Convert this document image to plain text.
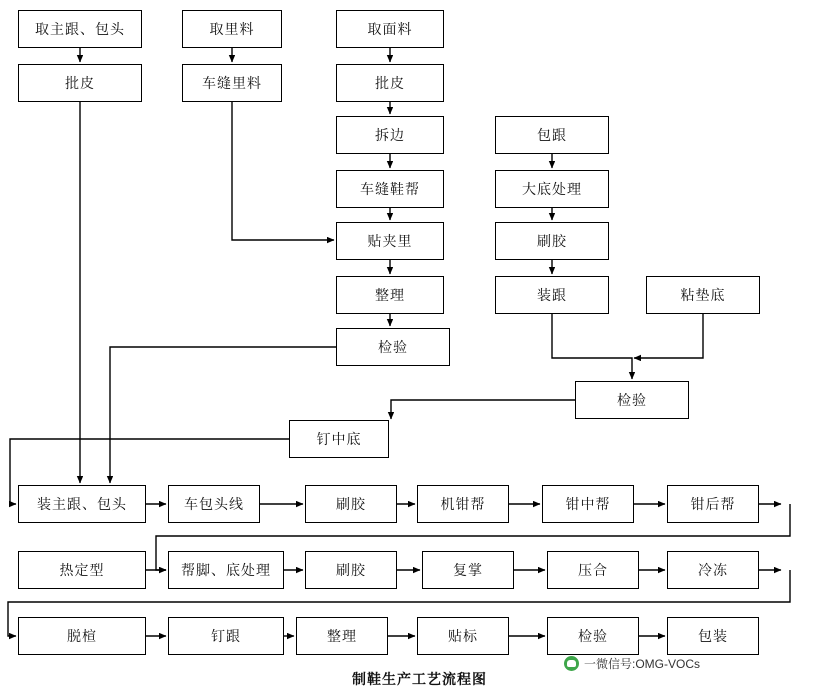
取主跟、包头	取里料	取面料
批皮	车缝里料	批皮
拆边	包跟
车缝鞋帮	大底处理
贴夹里	刷胶
整理	装跟	粘垫底
检验
检验
钉中底
装主跟、包头	车包头线	刷胶	机钳帮	钳中帮	钳后帮
热定型	帮脚、底处理	刷胶	复掌	压合	冷冻
脱楦	钉跟	整理	贴标	检验	包装
制鞋生产工艺流程图
一微信号:OMG-VOCs
